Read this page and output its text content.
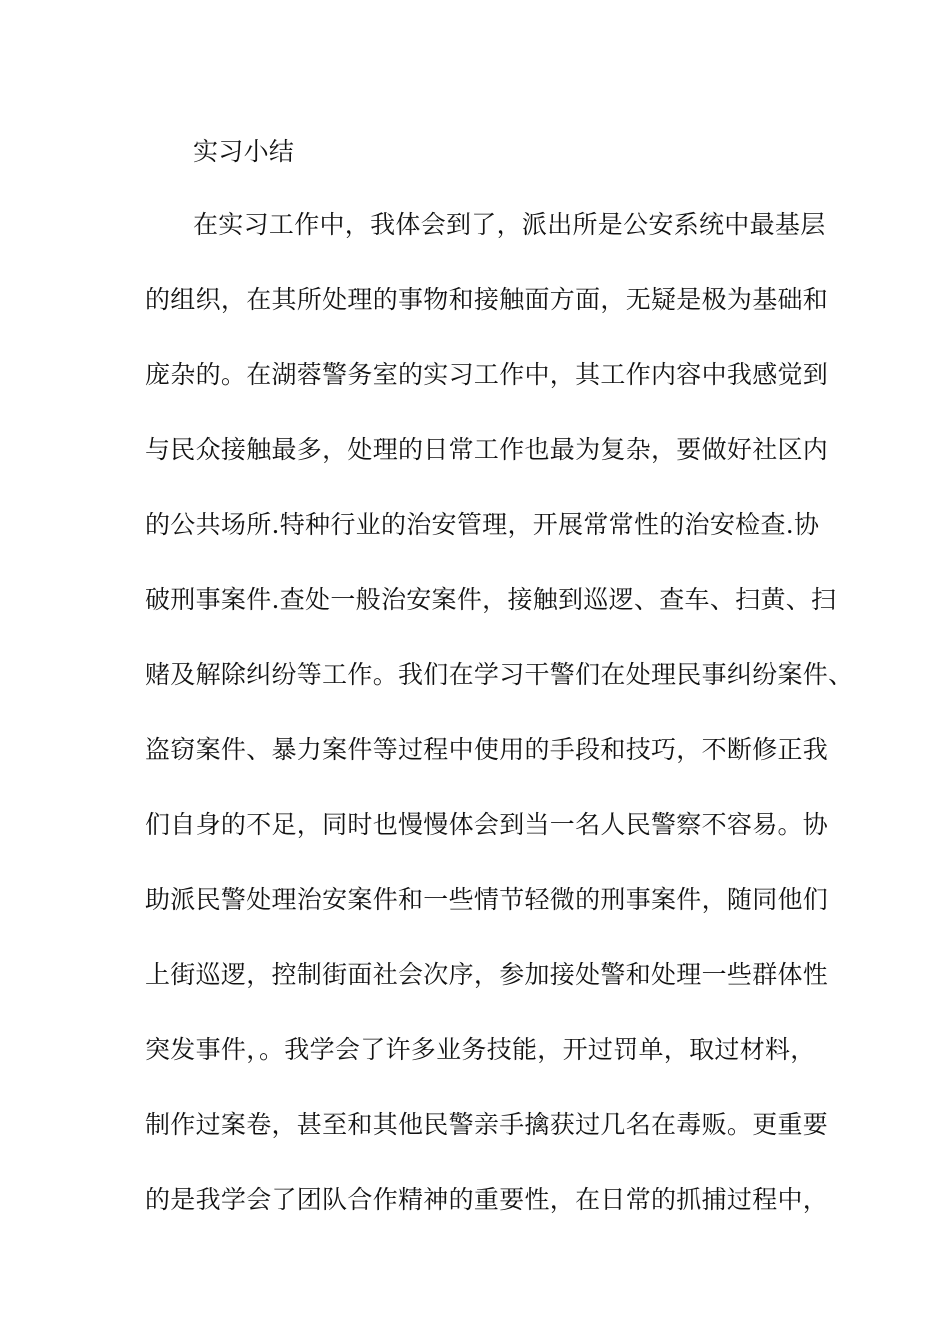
实习小结
在实习工作中，我体会到了，派出所是公安系统中最基层
的组织，在其所处理的事物和接触面方面，无疑是极为基础和
庞杂的。在湖蓉警务室的实习工作中，其工作内容中我感觉到
与民众接触最多，处理的日常工作也最为复杂，要做好社区内
的公共场所.特种行业的治安管理，开展常常性的治安检查.协
破刑事案件.查处一般治安案件，接触到巡逻、查车、扫黄、扫
赌及解除纠纷等工作。我们在学习干警们在处理民事纠纷案件、
盗窃案件、暴力案件等过程中使用的手段和技巧，不断修正我
们自身的不足，同时也慢慢体会到当一名人民警察不容易。协
助派民警处理治安案件和一些情节轻微的刑事案件，随同他们
上街巡逻，控制街面社会次序，参加接处警和处理一些群体性
突发事件，。我学会了许多业务技能，开过罚单，取过材料，
制作过案卷，甚至和其他民警亲手擒获过几名在毒贩。更重要
的是我学会了团队合作精神的重要性，在日常的抓捕过程中，
